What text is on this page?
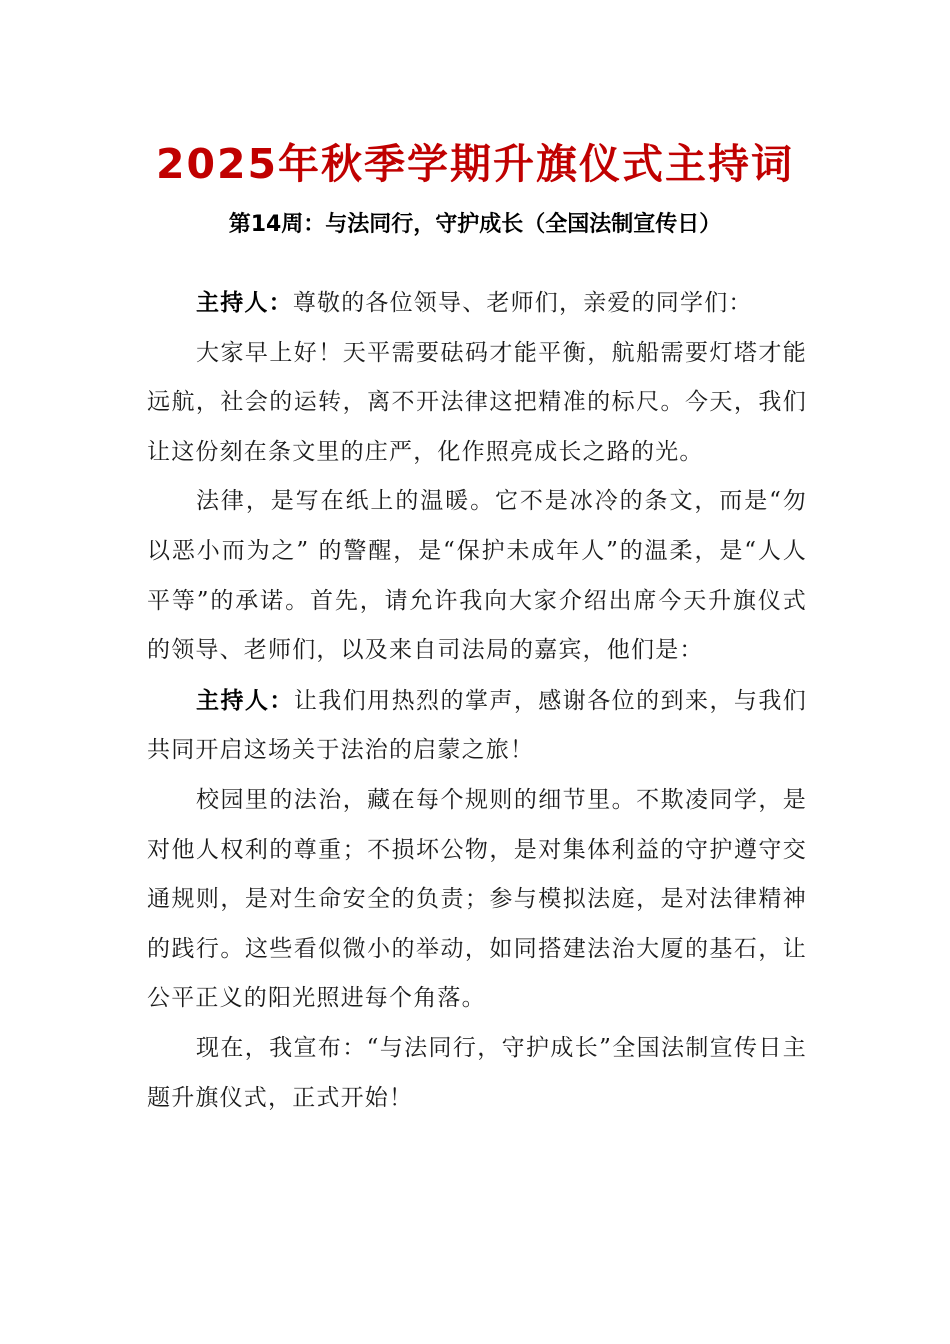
2025年秋季学期升旗仪式主持词
第14周：与法同行，守护成长（全国法制宣传日）

主持人：尊敬的各位领导、老师们，亲爱的同学们：

大家早上好！天平需要砝码才能平衡，航船需要灯塔才能远航，社会的运转，离不开法律这把精准的标尺。今天，我们让这份刻在条文里的庄严，化作照亮成长之路的光。

法律，是写在纸上的温暖。它不是冰冷的条文，而是“勿以恶小而为之” 的警醒，是“保护未成年人”的温柔，是“人人平等”的承诺。首先，请允许我向大家介绍出席今天升旗仪式的领导、老师们，以及来自司法局的嘉宾，他们是：

主持人：让我们用热烈的掌声，感谢各位的到来，与我们共同开启这场关于法治的启蒙之旅！

校园里的法治，藏在每个规则的细节里。不欺凌同学，是对他人权利的尊重；不损坏公物，是对集体利益的守护遵守交通规则，是对生命安全的负责；参与模拟法庭，是对法律精神的践行。这些看似微小的举动，如同搭建法治大厦的基石，让公平正义的阳光照进每个角落。

现在，我宣布：“与法同行，守护成长”全国法制宣传日主题升旗仪式，正式开始！
